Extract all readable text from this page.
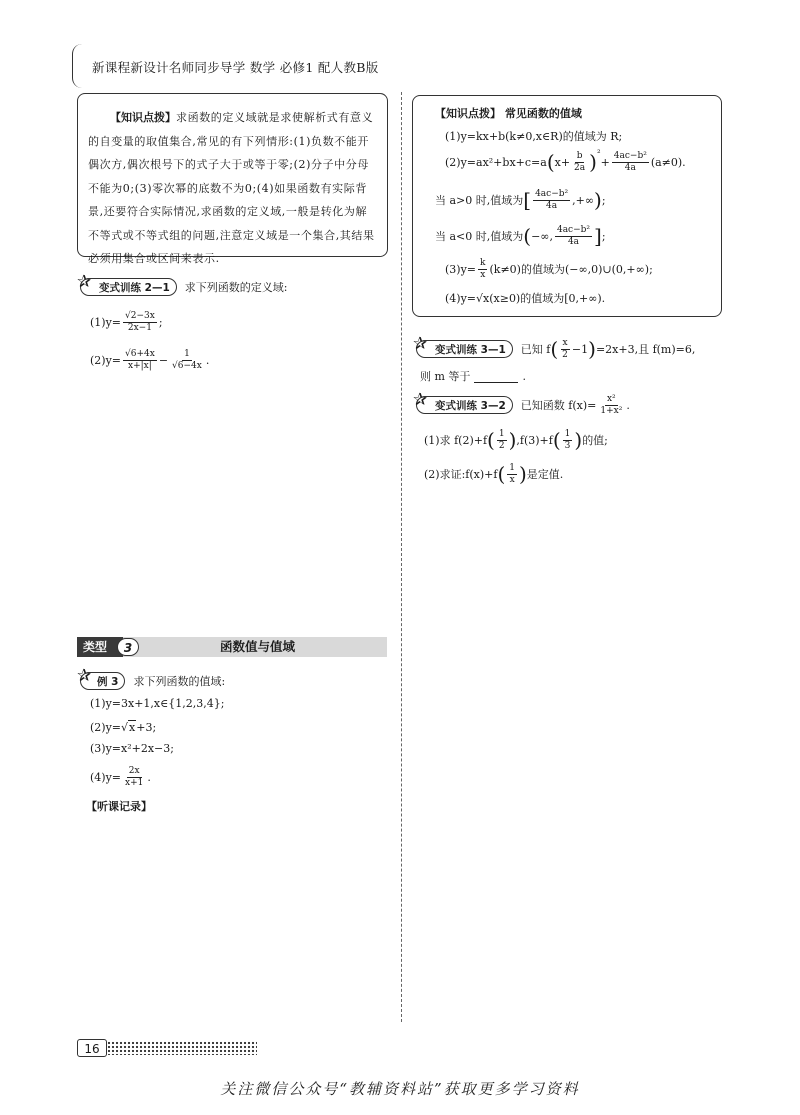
新课程新设计名师同步导学 数学 必修1 配人教B版

【知识点拨】求函数的定义域就是求使解析式有意义的自变量的取值集合,常见的有下列情形:(1)负数不能开偶次方,偶次根号下的式子大于或等于零;(2)分子中分母不能为0;(3)零次幂的底数不为0;(4)如果函数有实际背景,还要符合实际情况,求函数的定义域,一般是转化为解不等式或不等式组的问题,注意定义域是一个集合,其结果必须用集合或区间来表示.

✰ 变式训练 2—1 求下列函数的定义域:
$(1)y= \frac{√2-3x}{2x-1}$ ;
$(2)y= \frac{√6+4x}{x+|x|} - \frac{1}{√6-4x}$ .
【知识点拨】 常见函数的值域
(1)y=kx+b(k≠0,x∈R)的值域为 R;
(2)y=ax²+bx+c=a ( $x+ \frac{b}{2a}$ ) ²
+ $\frac{\text{4ac−b²}}{4a} (a\ne 0)$.
当 a>0 时,值域为 [ $\frac{\text{4ac−b²}}{4a}$ ,+∞ ) ;
当 a<0 时,值域为 ( −∞, $\frac{\text{4ac−b²}}{4a}$ ] ;
$(3)y= \frac{k}{x} (k\ne 0)$的值域为(−∞,0)∪(0,+∞);
(4)y=√x(x≥0)的值域为[0,+∞).
✰ 变式训练 3—1 已知 f ( $\frac{x}{2} -1$ ) =2x+3,且 f(m)=6,
则 m 等于	.
✰ 变式训练 3—2 已知函数 $f(x)= \frac{\text{x²}}{\text{1+x²}}$ .
(1)求 f(2)+f ( $\frac{1}{2}$ ) ,f(3)+f ( $\frac{1}{3}$ ) 的值;
(2)求证:f(x)+f ( $\frac{1}{x}$ ) 是定值.
类型	3	函数值与值域
✰ 例 3 求下列函数的值域:
(1)y=3x+1,x∈{1,2,3,4};
(2)y= √ x +3;
(3)y=x²+2x−3;
$(4)y= \frac{2x}{x+1}$ .
【听课记录】
16
关注微信公众号“教辅资料站”获取更多学习资料
